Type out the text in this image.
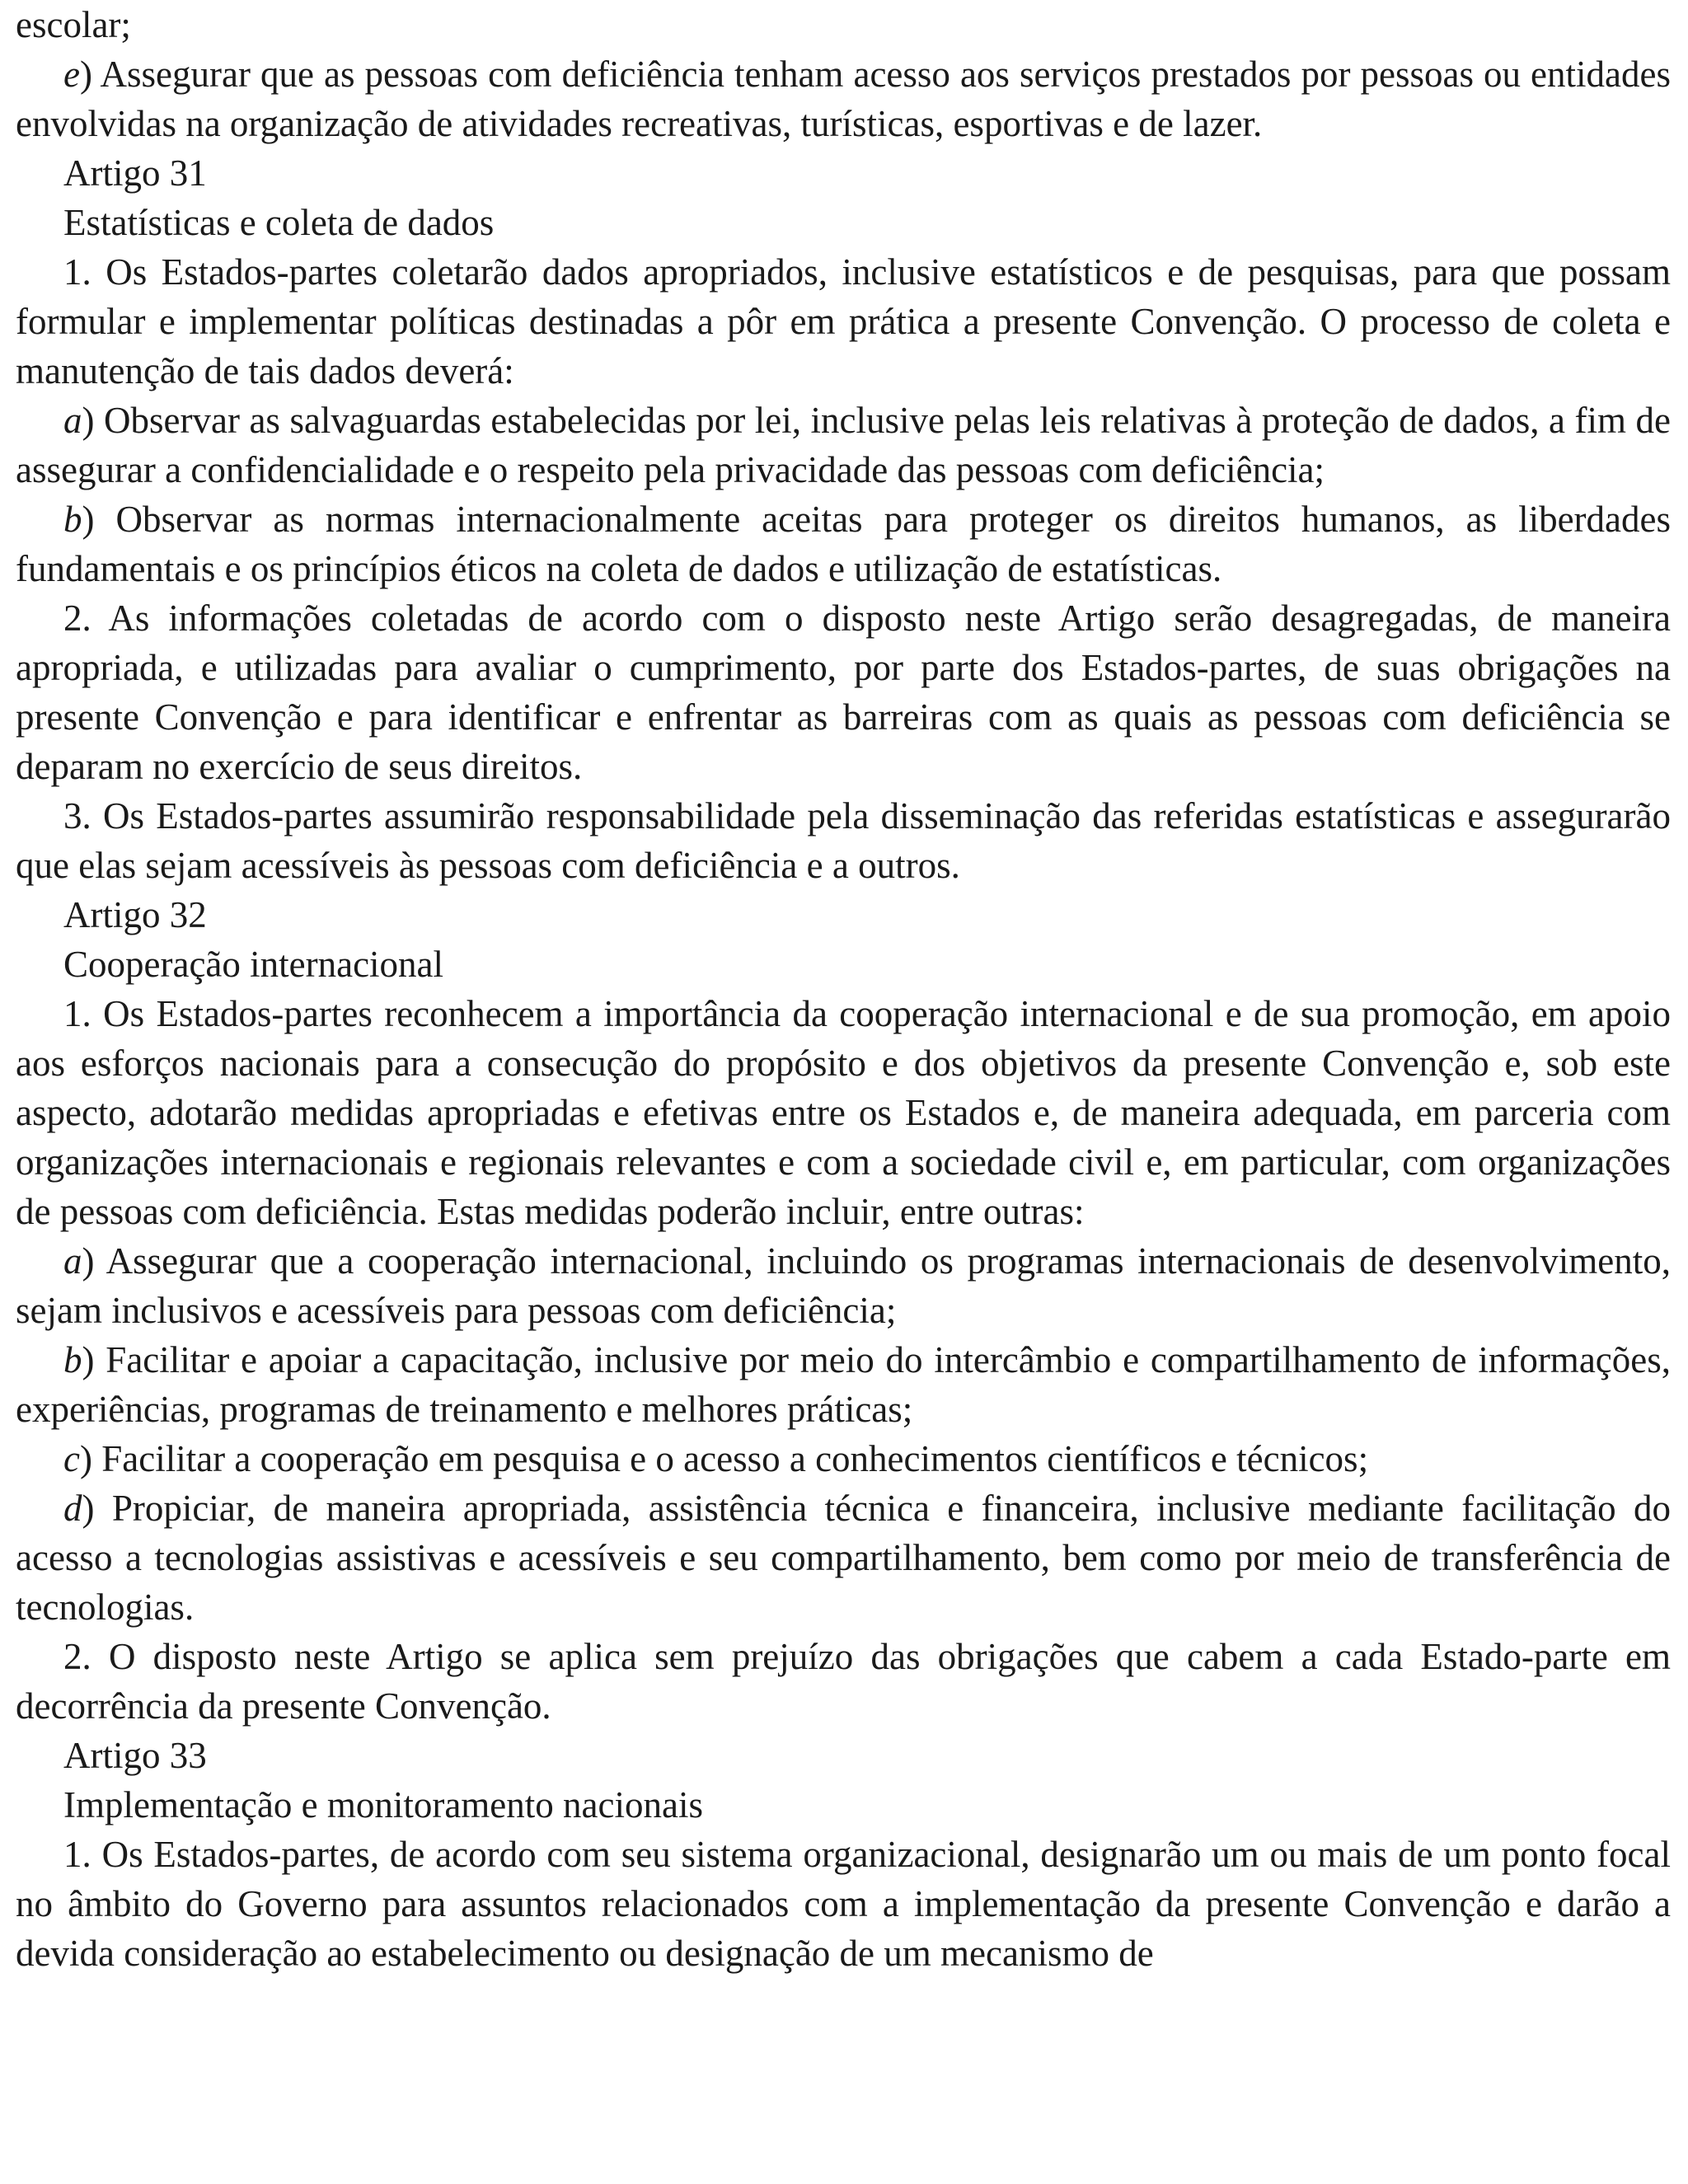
escolar;

e) Assegurar que as pessoas com deficiência tenham acesso aos serviços prestados por pessoas ou entidades envolvidas na organização de atividades recreativas, turísticas, esportivas e de lazer.

Artigo 31

Estatísticas e coleta de dados

1. Os Estados-partes coletarão dados apropriados, inclusive estatísticos e de pesquisas, para que possam formular e implementar políticas destinadas a pôr em prática a presente Convenção. O processo de coleta e manutenção de tais dados deverá:

a) Observar as salvaguardas estabelecidas por lei, inclusive pelas leis relativas à proteção de dados, a fim de assegurar a confidencialidade e o respeito pela privacidade das pessoas com deficiência;

b) Observar as normas internacionalmente aceitas para proteger os direitos humanos, as liberdades fundamentais e os princípios éticos na coleta de dados e utilização de estatísticas.

2. As informações coletadas de acordo com o disposto neste Artigo serão desagregadas, de maneira apropriada, e utilizadas para avaliar o cumprimento, por parte dos Estados-partes, de suas obrigações na presente Convenção e para identificar e enfrentar as barreiras com as quais as pessoas com deficiência se deparam no exercício de seus direitos.

3. Os Estados-partes assumirão responsabilidade pela disseminação das referidas estatísticas e assegurarão que elas sejam acessíveis às pessoas com deficiência e a outros.

Artigo 32

Cooperação internacional

1. Os Estados-partes reconhecem a importância da cooperação internacional e de sua promoção, em apoio aos esforços nacionais para a consecução do propósito e dos objetivos da presente Convenção e, sob este aspecto, adotarão medidas apropriadas e efetivas entre os Estados e, de maneira adequada, em parceria com organizações internacionais e regionais relevantes e com a sociedade civil e, em particular, com organizações de pessoas com deficiência. Estas medidas poderão incluir, entre outras:

a) Assegurar que a cooperação internacional, incluindo os programas internacionais de desenvolvimento, sejam inclusivos e acessíveis para pessoas com deficiência;

b) Facilitar e apoiar a capacitação, inclusive por meio do intercâmbio e compartilhamento de informações, experiências, programas de treinamento e melhores práticas;

c) Facilitar a cooperação em pesquisa e o acesso a conhecimentos científicos e técnicos;

d) Propiciar, de maneira apropriada, assistência técnica e financeira, inclusive mediante facilitação do acesso a tecnologias assistivas e acessíveis e seu compartilhamento, bem como por meio de transferência de tecnologias.

2. O disposto neste Artigo se aplica sem prejuízo das obrigações que cabem a cada Estado-parte em decorrência da presente Convenção.

Artigo 33

Implementação e monitoramento nacionais

1. Os Estados-partes, de acordo com seu sistema organizacional, designarão um ou mais de um ponto focal no âmbito do Governo para assuntos relacionados com a implementação da presente Convenção e darão a devida consideração ao estabelecimento ou designação de um mecanismo de
